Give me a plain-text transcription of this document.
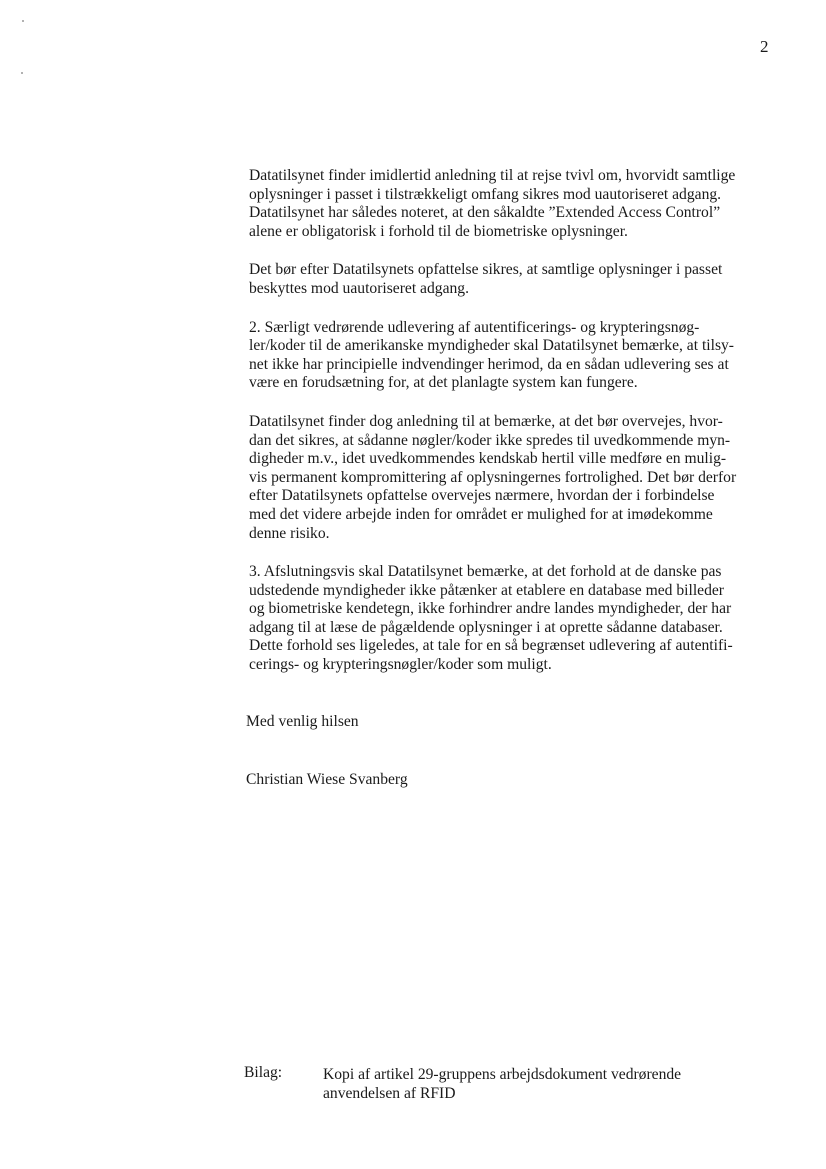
2

Datatilsynet finder imidlertid anledning til at rejse tvivl om, hvorvidt samtlige
oplysninger i passet i tilstrækkeligt omfang sikres mod uautoriseret adgang.
Datatilsynet har således noteret, at den såkaldte ”Extended Access Control”
alene er obligatorisk i forhold til de biometriske oplysninger.

Det bør efter Datatilsynets opfattelse sikres, at samtlige oplysninger i passet
beskyttes mod uautoriseret adgang.

2. Særligt vedrørende udlevering af autentificerings- og krypteringsnøg-
ler/koder til de amerikanske myndigheder skal Datatilsynet bemærke, at tilsy-
net ikke har principielle indvendinger herimod, da en sådan udlevering ses at
være en forudsætning for, at det planlagte system kan fungere.

Datatilsynet finder dog anledning til at bemærke, at det bør overvejes, hvor-
dan det sikres, at sådanne nøgler/koder ikke spredes til uvedkommende myn-
digheder m.v., idet uvedkommendes kendskab hertil ville medføre en mulig-
vis permanent kompromittering af oplysningernes fortrolighed. Det bør derfor
efter Datatilsynets opfattelse overvejes nærmere, hvordan der i forbindelse
med det videre arbejde inden for området er mulighed for at imødekomme
denne risiko.

3. Afslutningsvis skal Datatilsynet bemærke, at det forhold at de danske pas
udstedende myndigheder ikke påtænker at etablere en database med billeder
og biometriske kendetegn, ikke forhindrer andre landes myndigheder, der har
adgang til at læse de pågældende oplysninger i at oprette sådanne databaser.
Dette forhold ses ligeledes, at tale for en så begrænset udlevering af autentifi-
cerings- og krypteringsnøgler/koder som muligt.

Med venlig hilsen
Christian Wiese Svanberg
Bilag:	Kopi af artikel 29-gruppens arbejdsdokument vedrørende
anvendelsen af RFID
